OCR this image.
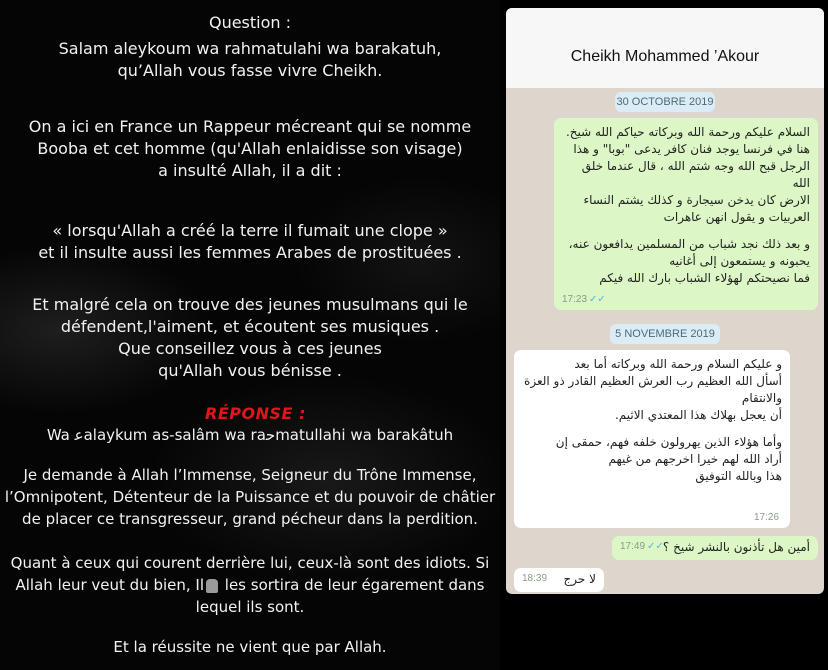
Question :

Salam aleykoum wa rahmatulahi wa barakatuh,
qu’Allah vous fasse vivre Cheikh.

On a ici en France un Rappeur mécreant qui se nomme
Booba et cet homme (qu'Allah enlaidisse son visage)
a insulté Allah, il a dit :

« lorsqu'Allah a créé la terre il fumait une clope »
et il insulte aussi les femmes Arabes de prostituées .

Et malgré cela on trouve des jeunes musulmans qui le
défendent,l'aiment, et écoutent ses musiques .
Que conseillez vous à ces jeunes
qu'Allah vous bénisse .

RÉPONSE :

Wa ﻋalaykum as-salâm wa raﺣmatullahi wa barakâtuh

Je demande à Allah l’Immense, Seigneur du Trône Immense,
l’Omnipotent, Détenteur de la Puissance et du pouvoir de châtier
de placer ce transgresseur, grand pécheur dans la perdition.

Quant à ceux qui courent derrière lui, ceux-là sont des idiots. Si
Allah leur veut du bien, Il les sortira de leur égarement dans
lequel ils sont.

Et la réussite ne vient que par Allah.

Cheikh Mohammed ’Akour
30 OCTOBRE 2019

السلام عليكم ورحمة الله وبركاته حياكم الله شيخ.
هنا في فرنسا يوجد فنان كافر يدعى "بوبا" و هذا
الرجل قبح الله وجه شتم الله ، قال عندما خلق الله
الارض كان يدخن سيجارة و كذلك يشتم النساء
العربيات و يقول انهن عاهرات

و بعد ذلك نجد شباب من المسلمين يدافعون عنه،
يحبونه و يستمعون إلى أغانيه
فما نصيحتكم لهؤلاء الشباب بارك الله فيكم

17:23 ✓✓
5 NOVEMBRE 2019

و عليكم السلام ورحمة الله وبركاته أما بعد
أسأل الله العظيم رب العرش العظيم القادر ذو العزة
والانتقام
أن يعجل بهلاك هذا المعتدي الاثيم.

وأما هؤلاء الذين يهرولون خلفه فهم، حمقى إن
أراد الله لهم خيرا اخرجهم من غيهم
هذا وبالله التوفيق

17:26
أمين هل تأذنون بالنشر شيخ ؟
17:49 ✓✓
لا حرج
18:39
